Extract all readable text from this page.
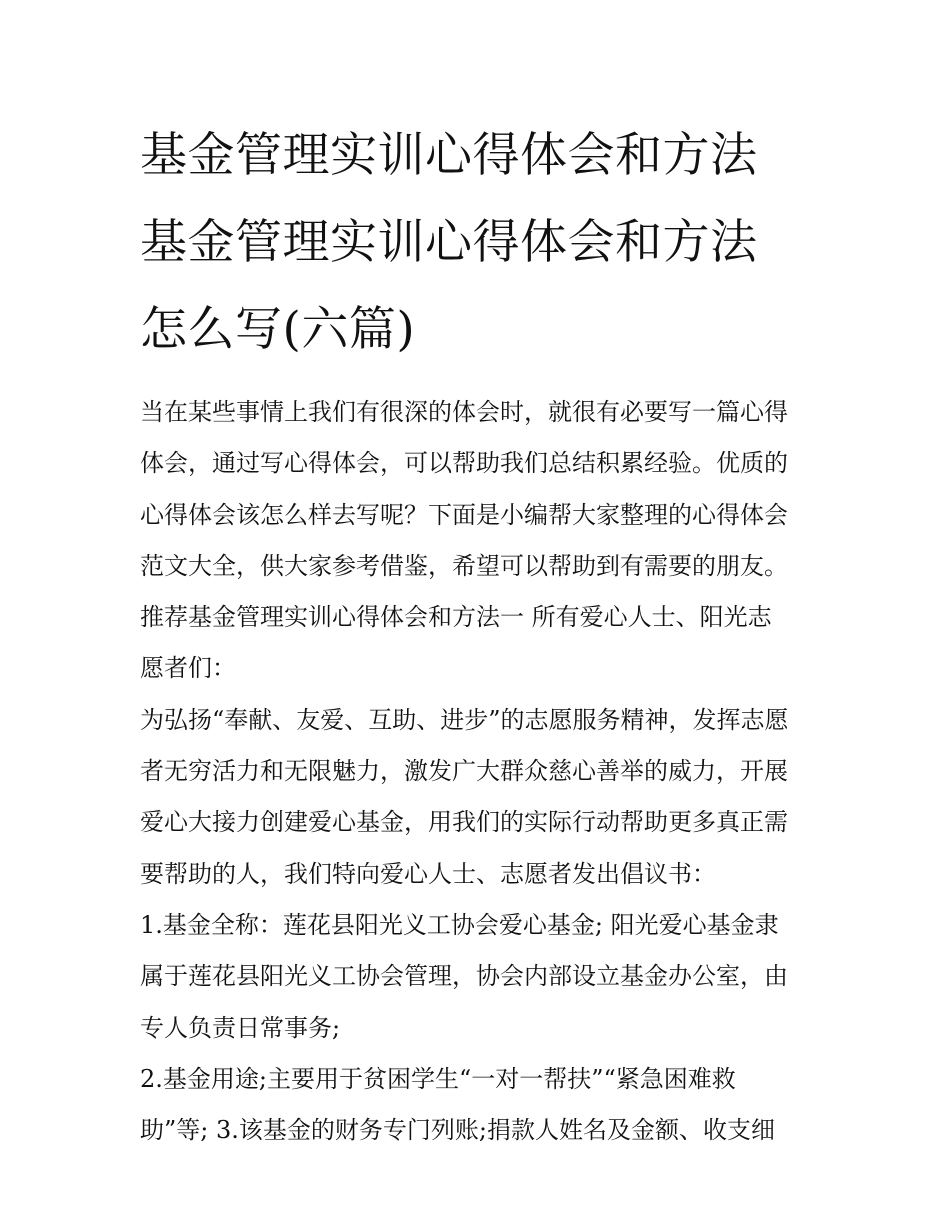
基金管理实训心得体会和方法
基金管理实训心得体会和方法
怎么写(六篇)

当在某些事情上我们有很深的体会时，就很有必要写一篇心得

体会，通过写心得体会，可以帮助我们总结积累经验。优质的

心得体会该怎么样去写呢？下面是小编帮大家整理的心得体会

范文大全，供大家参考借鉴，希望可以帮助到有需要的朋友。

推荐基金管理实训心得体会和方法一 所有爱心人士、阳光志

愿者们：

为弘扬“奉献、友爱、互助、进步”的志愿服务精神，发挥志愿

者无穷活力和无限魅力，激发广大群众慈心善举的威力，开展

爱心大接力创建爱心基金，用我们的实际行动帮助更多真正需

要帮助的人，我们特向爱心人士、志愿者发出倡议书：

1.基金全称：莲花县阳光义工协会爱心基金; 阳光爱心基金隶

属于莲花县阳光义工协会管理，协会内部设立基金办公室，由

专人负责日常事务;

2.基金用途;主要用于贫困学生“一对一帮扶”“紧急困难救

助”等; 3.该基金的财务专门列账;捐款人姓名及金额、收支细
